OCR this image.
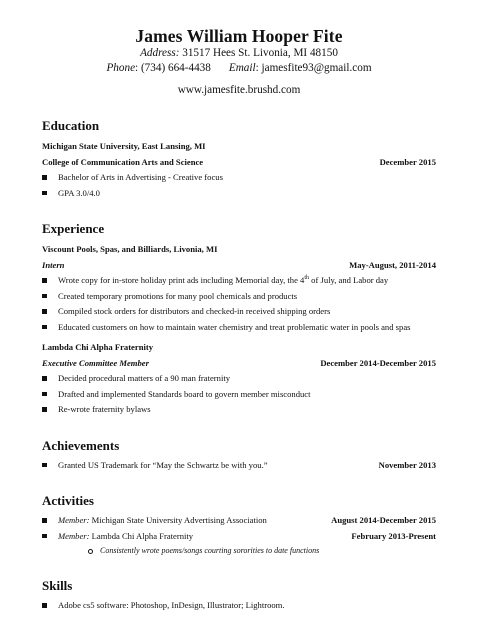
James William Hooper Fite
Address: 31517 Hees St. Livonia, MI 48150
Phone: (734) 664-4438 Email: jamesfite93@gmail.com
www.jamesfite.brushd.com
Education
Michigan State University, East Lansing, MI
College of Communication Arts and Science	December 2015
Bachelor of Arts in Advertising - Creative focus
GPA 3.0/4.0
Experience
Viscount Pools, Spas, and Billiards, Livonia, MI
Intern	May-August, 2011-2014
Wrote copy for in-store holiday print ads including Memorial day, the 4th of July, and Labor day
Created temporary promotions for many pool chemicals and products
Compiled stock orders for distributors and checked-in received shipping orders
Educated customers on how to maintain water chemistry and treat problematic water in pools and spas
Lambda Chi Alpha Fraternity
Executive Committee Member	December 2014-December 2015
Decided procedural matters of a 90 man fraternity
Drafted and implemented Standards board to govern member misconduct
Re-wrote fraternity bylaws
Achievements
Granted US Trademark for “May the Schwartz be with you.”	November 2013
Activities
Member: Michigan State University Advertising Association	August 2014-December 2015
Member: Lambda Chi Alpha Fraternity	February 2013-Present
Consistently wrote poems/songs courting sororities to date functions
Skills
Adobe cs5 software: Photoshop, InDesign, Illustrator; Lightroom.
